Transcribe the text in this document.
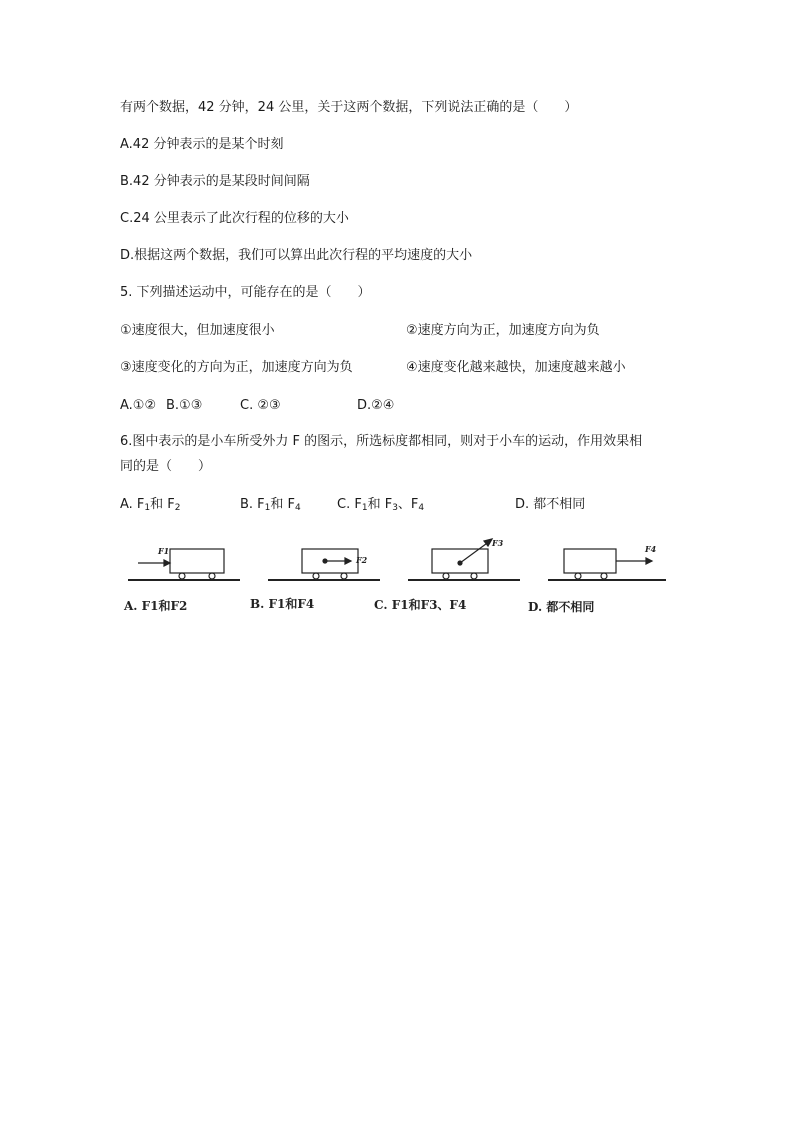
有两个数据，42 分钟，24 公里，关于这两个数据，下列说法正确的是（　　）
A.42 分钟表示的是某个时刻
B.42 分钟表示的是某段时间间隔
C.24 公里表示了此次行程的位移的大小
D.根据这两个数据，我们可以算出此次行程的平均速度的大小
5. 下列描述运动中，可能存在的是（　　）
①速度很大，但加速度很小	②速度方向为正，加速度方向为负
③速度变化的方向为正，加速度方向为负	④速度变化越来越快，加速度越来越小
A.①② B.①③	C. ②③	D.②④
6.图中表示的是小车所受外力 F 的图示，所选标度都相同，则对于小车的运动，作用效果相
同的是（　　）
A. $F_1$和 $F_2$	B. $F_1$和 $F_4$	C. $F_1$和 $F_3$、$F_4$	D. 都不相同
F1
F2
F3
F4
A. F1和F2	B. F1和F4	C. F1和F3、F4	D. 都不相同
